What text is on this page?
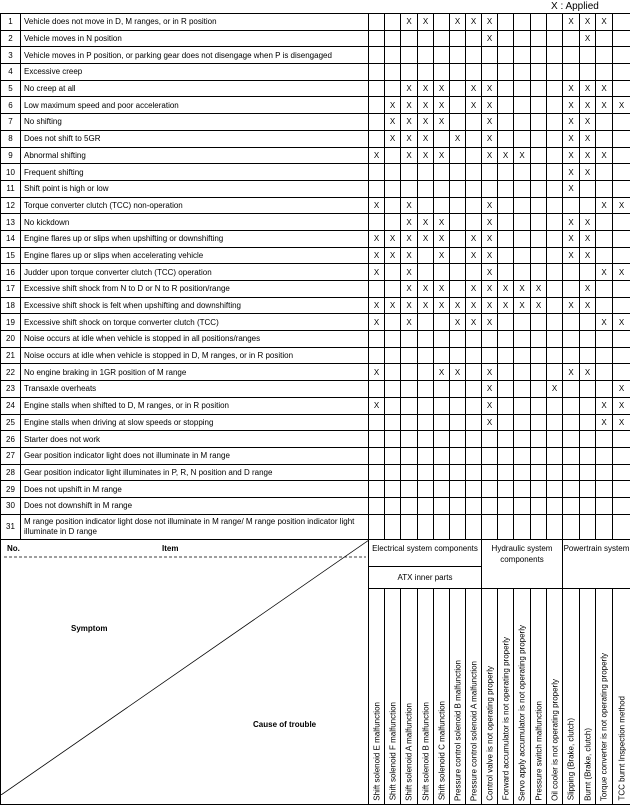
X : Applied
1	Vehicle does not move in D, M ranges, or in R position			X	X		X	X	X					X	X	X	
2	Vehicle moves in N position								X						X		
3	Vehicle moves in P position, or parking gear does not disengage when P is disengaged																
4	Excessive creep																
5	No creep at all			X	X	X		X	X					X	X	X	
6	Low maximum speed and poor acceleration		X	X	X	X		X	X					X	X	X	X
7	No shifting		X	X	X	X			X					X	X		
8	Does not shift to 5GR		X	X	X		X		X					X	X		
9	Abnormal shifting	X		X	X	X			X	X	X			X	X	X	
10	Frequent shifting													X	X		
11	Shift point is high or low													X			
12	Torque converter clutch (TCC) non-operation	X		X					X							X	X
13	No kickdown			X	X	X			X					X	X		
14	Engine flares up or slips when upshifting or downshifting	X	X	X	X	X		X	X					X	X		
15	Engine flares up or slips when accelerating vehicle	X	X	X		X		X	X					X	X		
16	Judder upon torque converter clutch (TCC) operation	X		X					X							X	X
17	Excessive shift shock from N to D or N to R position/range			X	X	X		X	X	X	X	X			X		
18	Excessive shift shock is felt when upshifting and downshifting	X	X	X	X	X	X	X	X	X	X	X		X	X		
19	Excessive shift shock on torque converter clutch (TCC)	X		X			X	X	X							X	X
20	Noise occurs at idle when vehicle is stopped in all positions/ranges																
21	Noise occurs at idle when vehicle is stopped in D, M ranges, or in R position																
22	No engine braking in 1GR position of M range	X				X	X		X					X	X		
23	Transaxle overheats								X				X				X
24	Engine stalls when shifted to D, M ranges, or in R position	X							X							X	X
25	Engine stalls when driving at slow speeds or stopping								X							X	X
26	Starter does not work																
27	Gear position indicator light does not illuminate in M range																
28	Gear position indicator light illuminates in P, R, N position and D range																
29	Does not upshift in M range																
30	Does not downshift in M range																
31	M range position indicator light dose not illuminate in M range/ M range position indicator light illuminate in D range																

No. Item
Symptom
Cause of trouble		Electrical system components							Hydraulic system components					Powertrain system			
		ATX inner parts															

		Shift solenoid E malfunction	Shift solenoid F malfunction	Shift solenoid A malfunction	Shift solenoid B malfunction	Shift solenoid C malfunction	Pressure control solenoid B malfunction	Pressure control solenoid A malfunction	Control valve is not operating properly	Forward accumulator is not operating properly	Servo apply accumulator is not operating properly	Pressure switch malfunction	Oil cooler is not operating properly	Slipping (Brake, clutch)	Burnt (Brake, clutch)	Torque converter is not operating properly	TCC burnt Inspection method
